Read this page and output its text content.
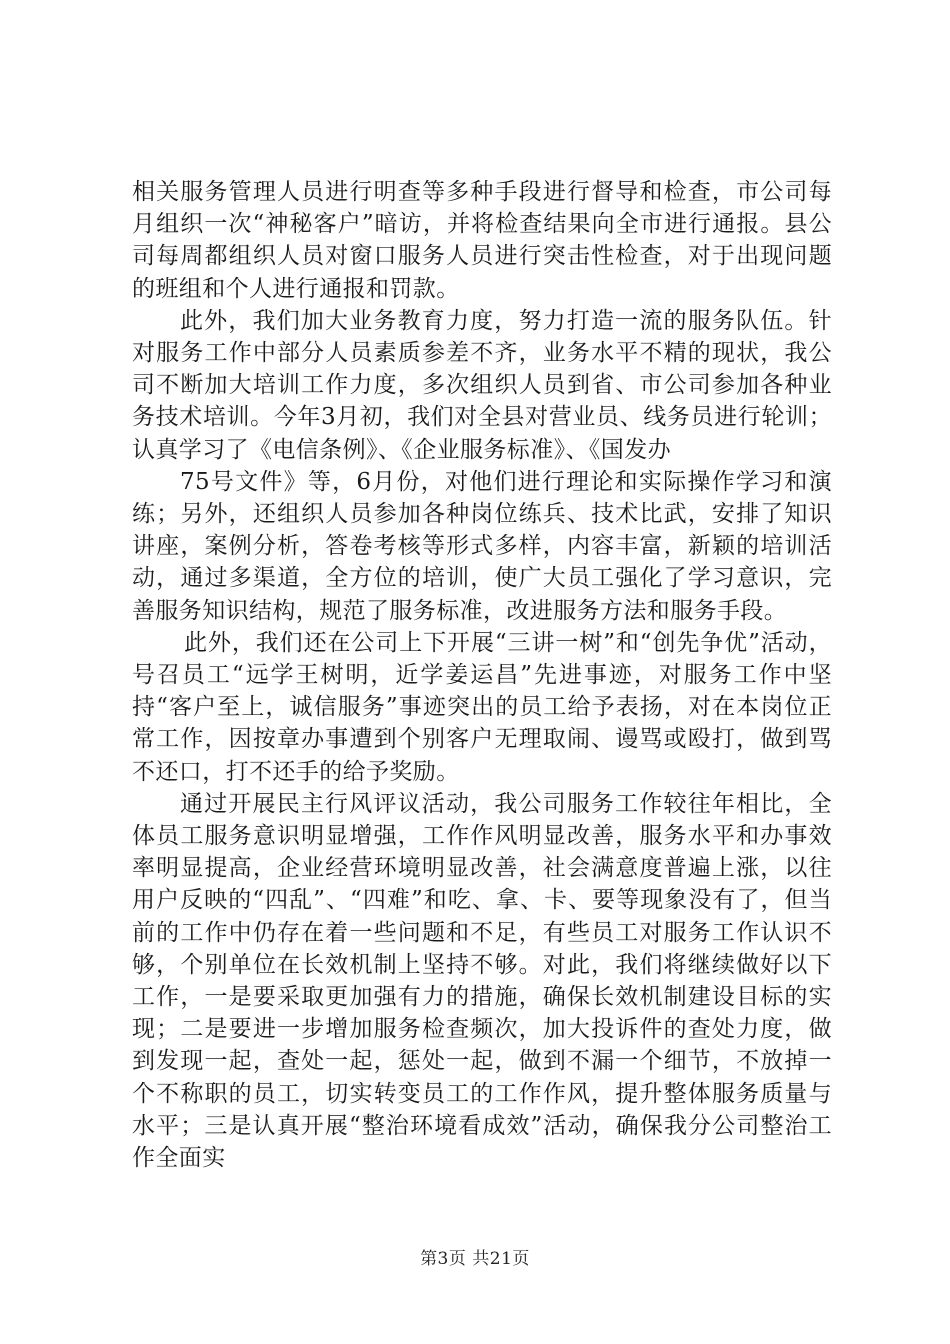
相关服务管理人员进行明查等多种手段进行督导和检查，市公司每月组织一次“神秘客户”暗访，并将检查结果向全市进行通报。县公司每周都组织人员对窗口服务人员进行突击性检查，对于出现问题的班组和个人进行通报和罚款。

此外，我们加大业务教育力度，努力打造一流的服务队伍。针对服务工作中部分人员素质参差不齐，业务水平不精的现状，我公司不断加大培训工作力度，多次组织人员到省、市公司参加各种业务技术培训。今年3月初，我们对全县对营业员、线务员进行轮训；认真学习了《电信条例》、《企业服务标准》、《国发办

75号文件》等，6月份，对他们进行理论和实际操作学习和演练；另外，还组织人员参加各种岗位练兵、技术比武，安排了知识讲座，案例分析，答卷考核等形式多样，内容丰富，新颖的培训活动，通过多渠道，全方位的培训，使广大员工强化了学习意识，完善服务知识结构，规范了服务标准，改进服务方法和服务手段。

此外，我们还在公司上下开展“三讲一树”和“创先争优”活动，号召员工“远学王树明，近学姜运昌”先进事迹，对服务工作中坚持“客户至上，诚信服务”事迹突出的员工给予表扬，对在本岗位正常工作，因按章办事遭到个别客户无理取闹、谩骂或殴打，做到骂不还口，打不还手的给予奖励。

通过开展民主行风评议活动，我公司服务工作较往年相比，全体员工服务意识明显增强，工作作风明显改善，服务水平和办事效率明显提高，企业经营环境明显改善，社会满意度普遍上涨，以往用户反映的“四乱”、“四难”和吃、拿、卡、要等现象没有了，但当前的工作中仍存在着一些问题和不足，有些员工对服务工作认识不够，个别单位在长效机制上坚持不够。对此，我们将继续做好以下工作，一是要采取更加强有力的措施，确保长效机制建设目标的实现；二是要进一步增加服务检查频次，加大投诉件的查处力度，做到发现一起，查处一起，惩处一起，做到不漏一个细节，不放掉一个不称职的员工，切实转变员工的工作作风，提升整体服务质量与水平；三是认真开展“整治环境看成效”活动，确保我分公司整治工作全面实

第3页 共21页
